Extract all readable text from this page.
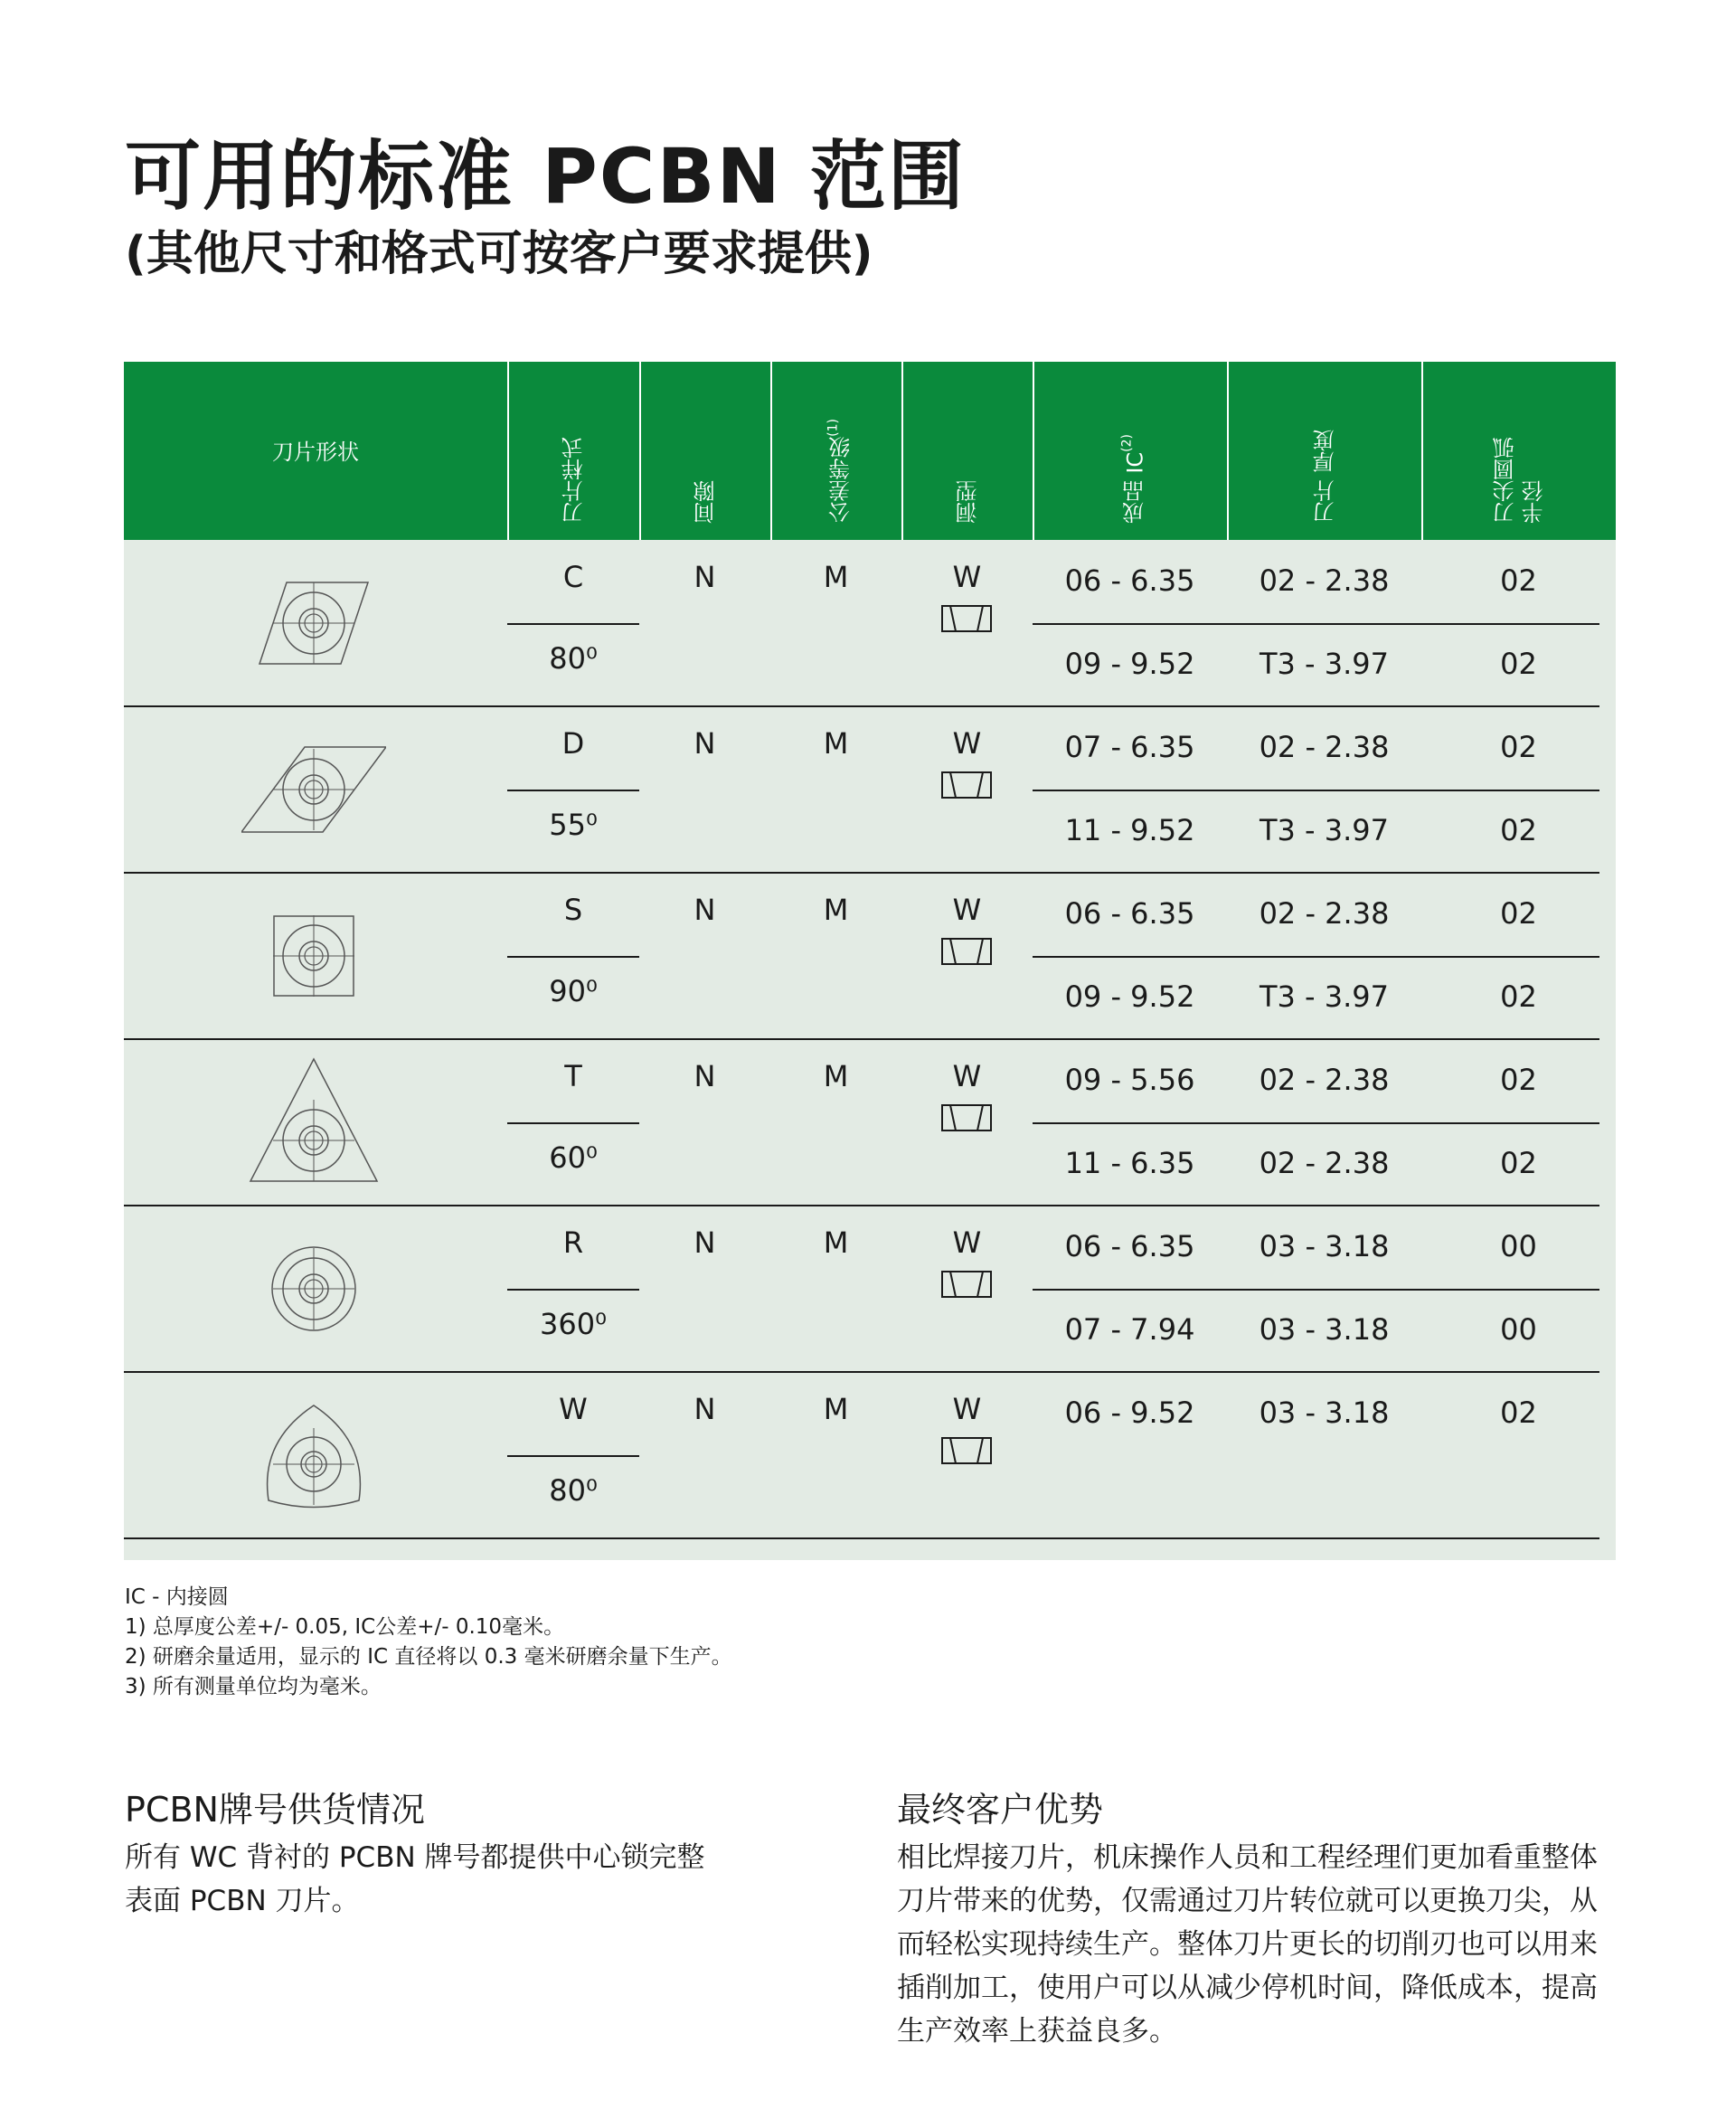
可用的标准 PCBN 范围
(其他尺寸和格式可按客户要求提供)
刀片形状	刀片样式	间隙	公差等级$^{(1)}$
洞型	成品 IC$^{(2)}$	刀片 厚度	刀尖圆弧 半径
C
80⁰
N	M	W	06 - 6.35	02 - 2.38	02
09 - 9.52	T3 - 3.97	02
D
55⁰
N	M	W	07 - 6.35	02 - 2.38	02
11 - 9.52	T3 - 3.97	02
S
90⁰
N	M	W	06 - 6.35	02 - 2.38	02
09 - 9.52	T3 - 3.97	02
T
60⁰
N	M	W	09 - 5.56	02 - 2.38	02
11 - 6.35	02 - 2.38	02
R
360⁰
N	M	W	06 - 6.35	03 - 3.18	00
07 - 7.94	03 - 3.18	00
W
80⁰
N	M	W	06 - 9.52	03 - 3.18	02
IC - 内接圆
1) 总厚度公差+/- 0.05, IC公差+/- 0.10毫米。
2) 研磨余量适用，显示的 IC 直径将以 0.3 毫米研磨余量下生产。
3) 所有测量单位均为毫米。
PCBN牌号供货情况
所有 WC 背衬的 PCBN 牌号都提供中心锁完整
表面 PCBN 刀片。
最终客户优势
相比焊接刀片，机床操作人员和工程经理们更加看重整体
刀片带来的优势，仅需通过刀片转位就可以更换刀尖，从
而轻松实现持续生产。整体刀片更长的切削刃也可以用来
插削加工，使用户可以从减少停机时间，降低成本，提高
生产效率上获益良多。
